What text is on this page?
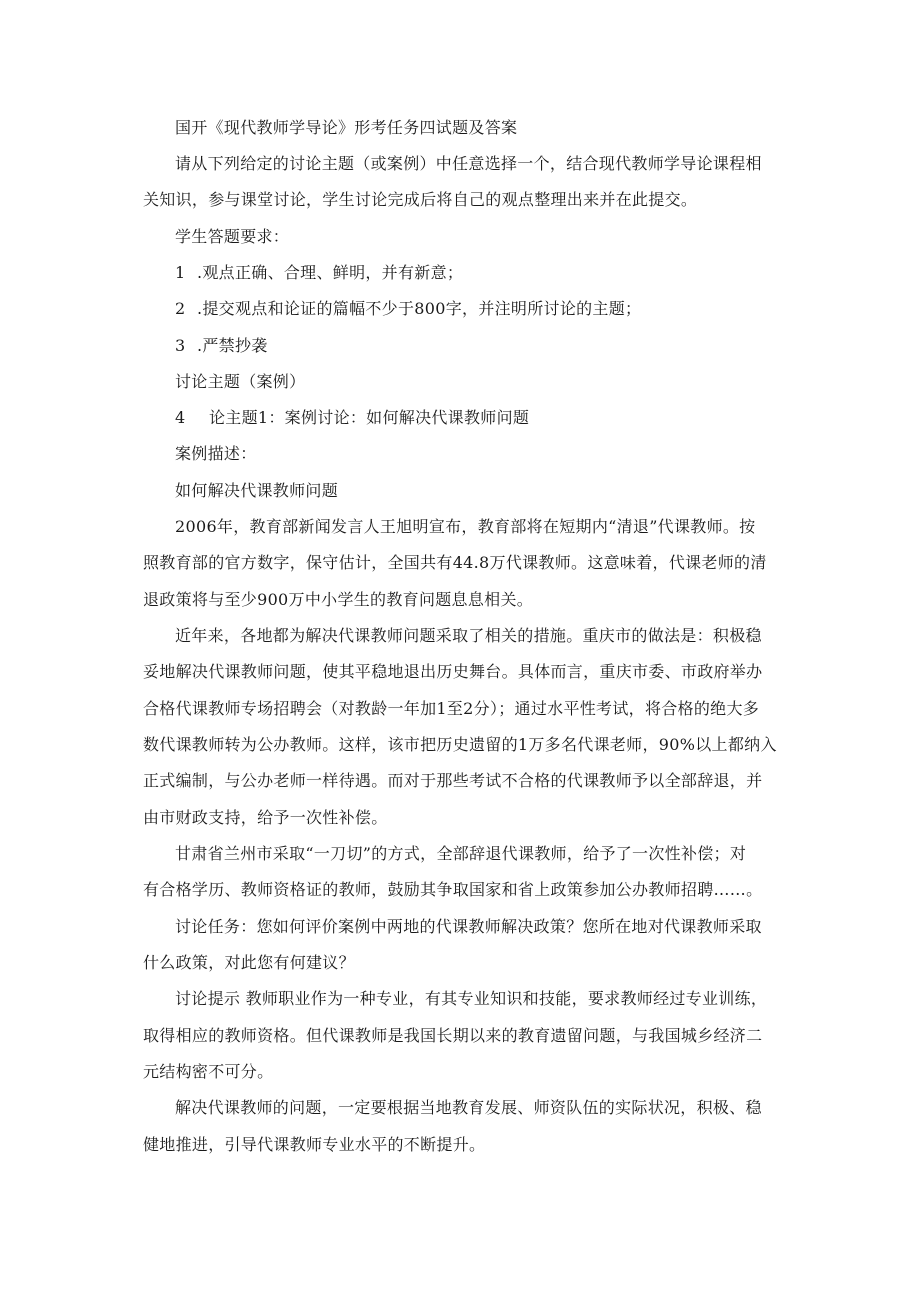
国开《现代教师学导论》形考任务四试题及答案
请从下列给定的讨论主题（或案例）中任意选择一个，结合现代教师学导论课程相
关知识，参与课堂讨论，学生讨论完成后将自己的观点整理出来并在此提交。
学生答题要求：
1 .观点正确、合理、鲜明，并有新意；
2 .提交观点和论证的篇幅不少于800字，并注明所讨论的主题；
3 .严禁抄袭
讨论主题（案例）
4 论主题1：案例讨论：如何解决代课教师问题
案例描述：
如何解决代课教师问题
2006年，教育部新闻发言人王旭明宣布，教育部将在短期内“清退”代课教师。按
照教育部的官方数字，保守估计，全国共有44.8万代课教师。这意味着，代课老师的清
退政策将与至少900万中小学生的教育问题息息相关。
近年来，各地都为解决代课教师问题采取了相关的措施。重庆市的做法是：积极稳
妥地解决代课教师问题，使其平稳地退出历史舞台。具体而言，重庆市委、市政府举办
合格代课教师专场招聘会（对教龄一年加1至2分）；通过水平性考试，将合格的绝大多
数代课教师转为公办教师。这样，该市把历史遗留的1万多名代课老师，90%以上都纳入
正式编制，与公办老师一样待遇。而对于那些考试不合格的代课教师予以全部辞退，并
由市财政支持，给予一次性补偿。
甘肃省兰州市采取“一刀切”的方式，全部辞退代课教师，给予了一次性补偿；对
有合格学历、教师资格证的教师，鼓励其争取国家和省上政策参加公办教师招聘……。
讨论任务：您如何评价案例中两地的代课教师解决政策？您所在地对代课教师采取
什么政策，对此您有何建议？
讨论提示 教师职业作为一种专业，有其专业知识和技能，要求教师经过专业训练，
取得相应的教师资格。但代课教师是我国长期以来的教育遗留问题，与我国城乡经济二
元结构密不可分。
解决代课教师的问题，一定要根据当地教育发展、师资队伍的实际状况，积极、稳
健地推进，引导代课教师专业水平的不断提升。
